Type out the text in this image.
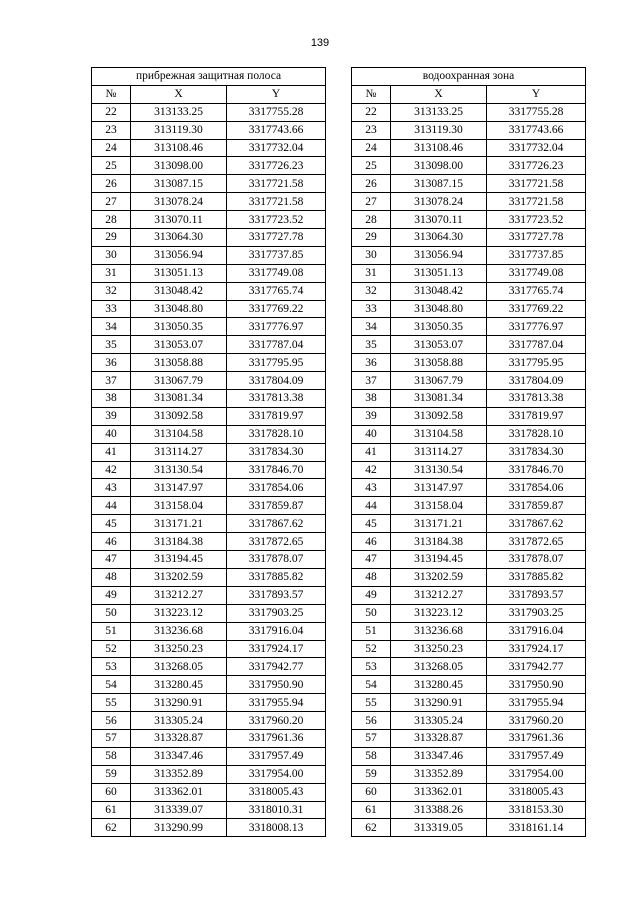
139
прибрежная защитная полоса		
№	X	Y
22	313133.25	3317755.28
23	313119.30	3317743.66
24	313108.46	3317732.04
25	313098.00	3317726.23
26	313087.15	3317721.58
27	313078.24	3317721.58
28	313070.11	3317723.52
29	313064.30	3317727.78
30	313056.94	3317737.85
31	313051.13	3317749.08
32	313048.42	3317765.74
33	313048.80	3317769.22
34	313050.35	3317776.97
35	313053.07	3317787.04
36	313058.88	3317795.95
37	313067.79	3317804.09
38	313081.34	3317813.38
39	313092.58	3317819.97
40	313104.58	3317828.10
41	313114.27	3317834.30
42	313130.54	3317846.70
43	313147.97	3317854.06
44	313158.04	3317859.87
45	313171.21	3317867.62
46	313184.38	3317872.65
47	313194.45	3317878.07
48	313202.59	3317885.82
49	313212.27	3317893.57
50	313223.12	3317903.25
51	313236.68	3317916.04
52	313250.23	3317924.17
53	313268.05	3317942.77
54	313280.45	3317950.90
55	313290.91	3317955.94
56	313305.24	3317960.20
57	313328.87	3317961.36
58	313347.46	3317957.49
59	313352.89	3317954.00
60	313362.01	3318005.43
61	313339.07	3318010.31
62	313290.99	3318008.13
водоохранная зона		
№	X	Y
22	313133.25	3317755.28
23	313119.30	3317743.66
24	313108.46	3317732.04
25	313098.00	3317726.23
26	313087.15	3317721.58
27	313078.24	3317721.58
28	313070.11	3317723.52
29	313064.30	3317727.78
30	313056.94	3317737.85
31	313051.13	3317749.08
32	313048.42	3317765.74
33	313048.80	3317769.22
34	313050.35	3317776.97
35	313053.07	3317787.04
36	313058.88	3317795.95
37	313067.79	3317804.09
38	313081.34	3317813.38
39	313092.58	3317819.97
40	313104.58	3317828.10
41	313114.27	3317834.30
42	313130.54	3317846.70
43	313147.97	3317854.06
44	313158.04	3317859.87
45	313171.21	3317867.62
46	313184.38	3317872.65
47	313194.45	3317878.07
48	313202.59	3317885.82
49	313212.27	3317893.57
50	313223.12	3317903.25
51	313236.68	3317916.04
52	313250.23	3317924.17
53	313268.05	3317942.77
54	313280.45	3317950.90
55	313290.91	3317955.94
56	313305.24	3317960.20
57	313328.87	3317961.36
58	313347.46	3317957.49
59	313352.89	3317954.00
60	313362.01	3318005.43
61	313388.26	3318153.30
62	313319.05	3318161.14
